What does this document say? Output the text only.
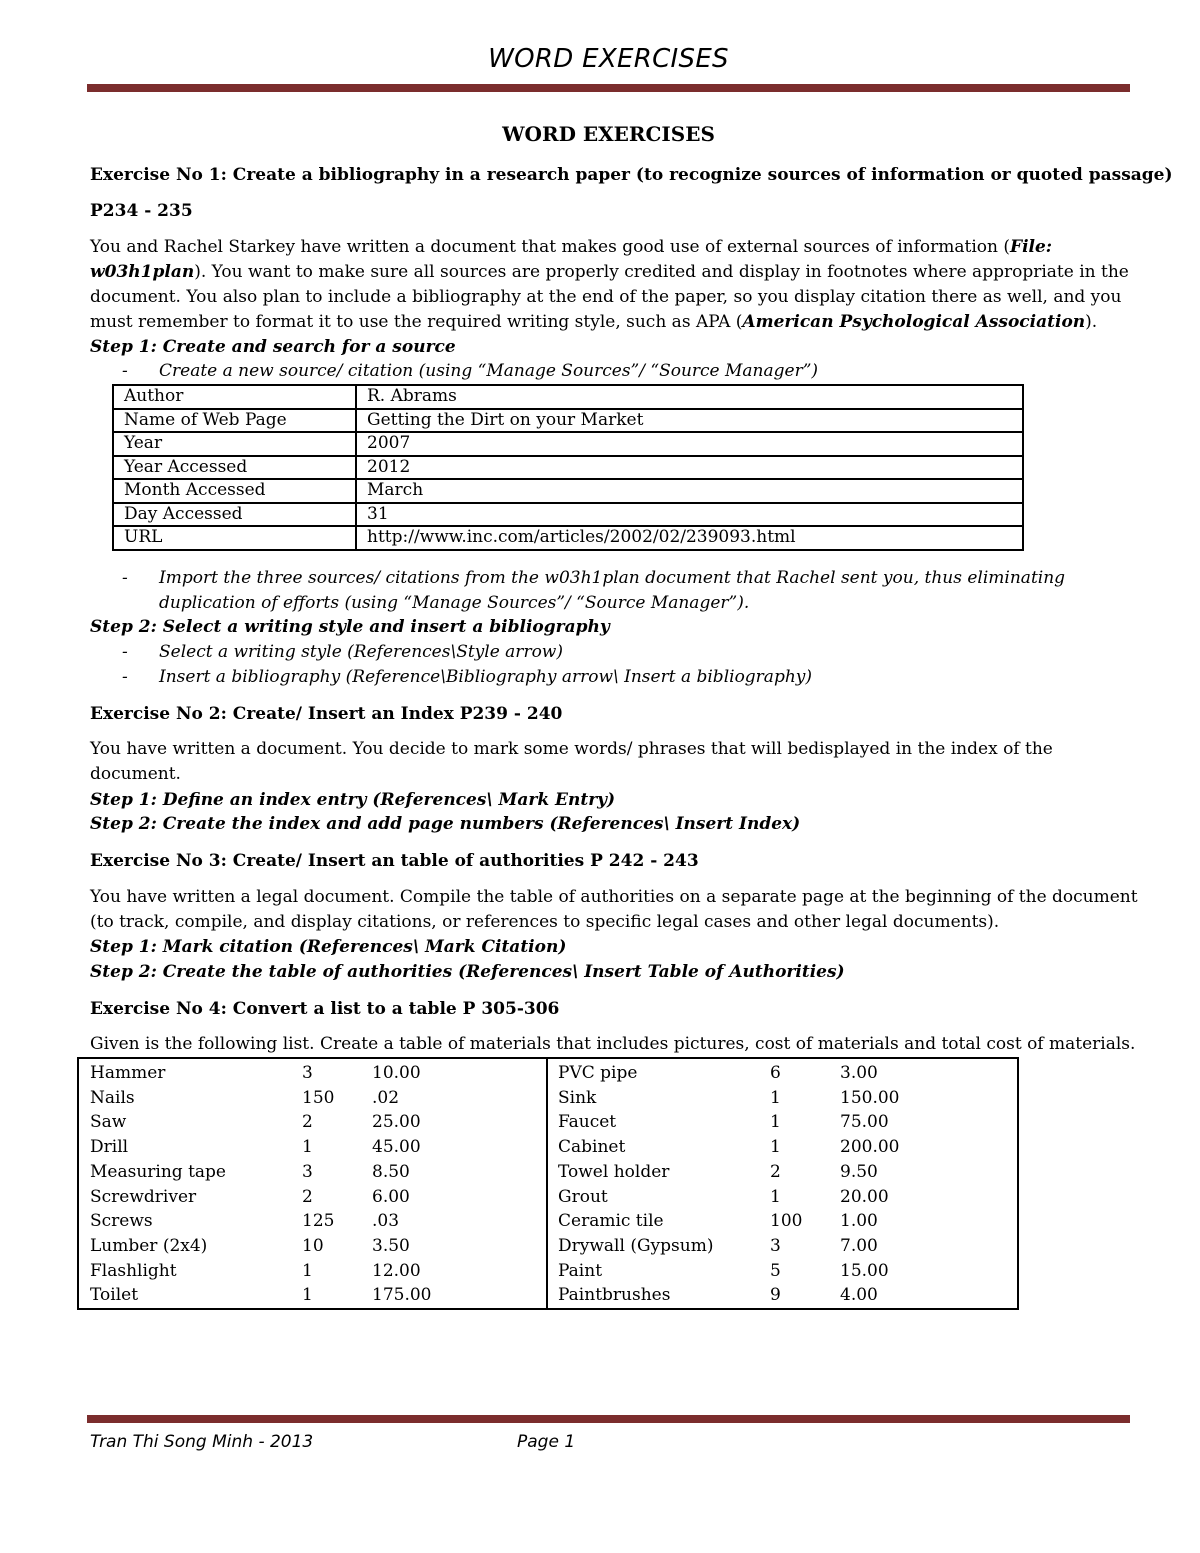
WORD EXERCISES
WORD EXERCISES
Exercise No 1: Create a bibliography in a research paper (to recognize sources of information or quoted passage)
P234 - 235
You and Rachel Starkey have written a document that makes good use of external sources of information (File:
w03h1plan). You want to make sure all sources are properly credited and display in footnotes where appropriate in the
document. You also plan to include a bibliography at the end of the paper, so you display citation there as well, and you
must remember to format it to use the required writing style, such as APA (American Psychological Association).
Step 1: Create and search for a source
- Create a new source/ citation (using “Manage Sources”/ “Source Manager”)
Author	R. Abrams
Name of Web Page	Getting the Dirt on your Market
Year	2007
Year Accessed	2012
Month Accessed	March
Day Accessed	31
URL	http://www.inc.com/articles/2002/02/239093.html
- Import the three sources/ citations from the w03h1plan document that Rachel sent you, thus eliminating
duplication of efforts (using “Manage Sources”/ “Source Manager”).
Step 2: Select a writing style and insert a bibliography
- Select a writing style (References\Style arrow)
- Insert a bibliography (Reference\Bibliography arrow\ Insert a bibliography)
Exercise No 2: Create/ Insert an Index P239 - 240
You have written a document. You decide to mark some words/ phrases that will bedisplayed in the index of the
document.
Step 1: Define an index entry (References\ Mark Entry)
Step 2: Create the index and add page numbers (References\ Insert Index)
Exercise No 3: Create/ Insert an table of authorities P 242 - 243
You have written a legal document. Compile the table of authorities on a separate page at the beginning of the document
(to track, compile, and display citations, or references to specific legal cases and other legal documents).
Step 1: Mark citation (References\ Mark Citation)
Step 2: Create the table of authorities (References\ Insert Table of Authorities)
Exercise No 4: Convert a list to a table P 305-306
Given is the following list. Create a table of materials that includes pictures, cost of materials and total cost of materials.
Hammer	3	10.00
Nails	150 .02
Saw	2	25.00
Drill	1	45.00
Measuring tape	3	8.50
Screwdriver	2	6.00
Screws	125 .03
Lumber (2x4)	10	3.50
Flashlight	1	12.00
Toilet	1	175.00
PVC pipe	6	3.00
Sink	1	150.00
Faucet	1	75.00
Cabinet	1	200.00
Towel holder	2	9.50
Grout	1	20.00
Ceramic tile	100 1.00
Drywall (Gypsum)	3	7.00
Paint	5	15.00
Paintbrushes	9	4.00
Tran Thi Song Minh - 2013	Page 1
